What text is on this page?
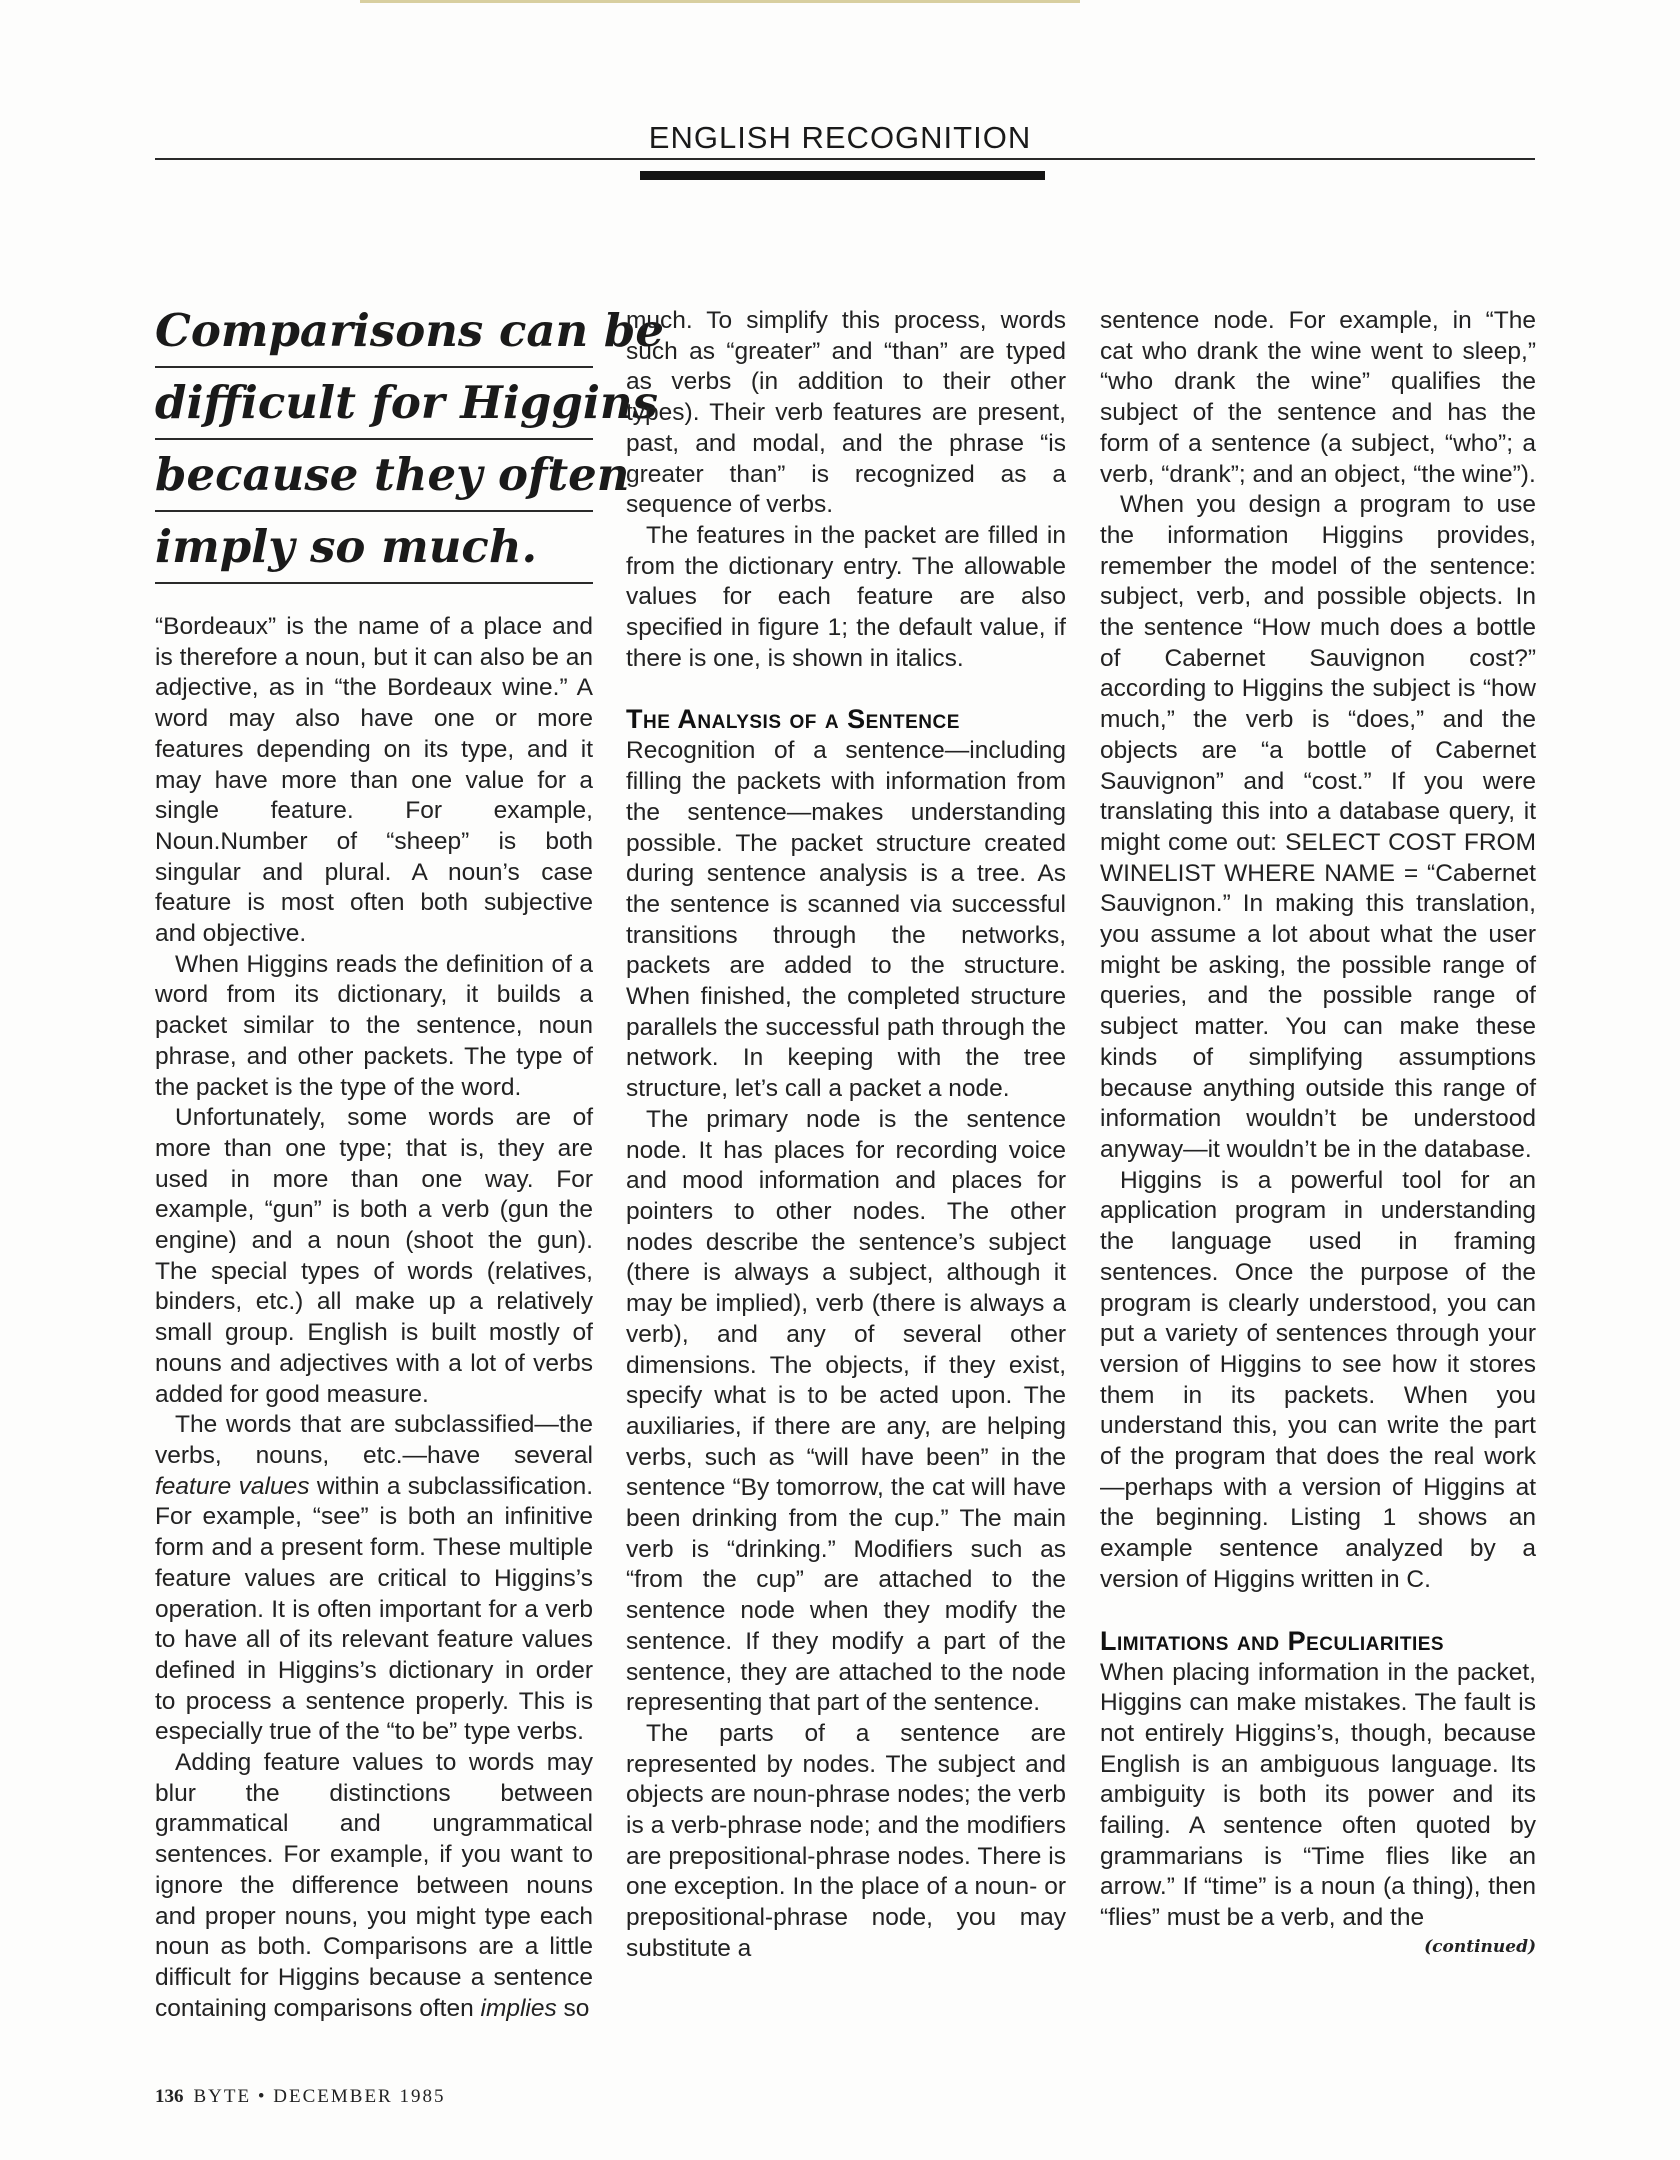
ENGLISH RECOGNITION
Comparisons can be
difficult for Higgins
because they often
imply so much.

“Bordeaux” is the name of a place and is therefore a noun, but it can also be an adjective, as in “the Bordeaux wine.” A word may also have one or more features depending on its type, and it may have more than one value for a single feature. For example, Noun.Number of “sheep” is both singular and plural. A noun’s case feature is most often both subjective and objective.

When Higgins reads the definition of a word from its dictionary, it builds a packet similar to the sentence, noun phrase, and other packets. The type of the packet is the type of the word.

Unfortunately, some words are of more than one type; that is, they are used in more than one way. For example, “gun” is both a verb (gun the engine) and a noun (shoot the gun). The special types of words (relatives, binders, etc.) all make up a relatively small group. English is built mostly of nouns and adjectives with a lot of verbs added for good measure.

The words that are subclassified—the verbs, nouns, etc.—have several feature values within a subclassification. For example, “see” is both an infinitive form and a present form. These multiple feature values are critical to Higgins’s operation. It is often important for a verb to have all of its relevant feature values defined in Higgins’s dictionary in order to process a sentence properly. This is especially true of the “to be” type verbs.

Adding feature values to words may blur the distinctions between grammatical and ungrammatical sentences. For example, if you want to ignore the difference between nouns and proper nouns, you might type each noun as both. Comparisons are a little difficult for Higgins because a sentence containing comparisons often implies so

much. To simplify this process, words such as “greater” and “than” are typed as verbs (in addition to their other types). Their verb features are present, past, and modal, and the phrase “is greater than” is recognized as a sequence of verbs.

The features in the packet are filled in from the dictionary entry. The allowable values for each feature are also specified in figure 1; the default value, if there is one, is shown in italics.

The Analysis of a Sentence

Recognition of a sentence—including filling the packets with information from the sentence—makes understanding possible. The packet structure created during sentence analysis is a tree. As the sentence is scanned via successful transitions through the networks, packets are added to the structure. When finished, the completed structure parallels the successful path through the network. In keeping with the tree structure, let’s call a packet a node.

The primary node is the sentence node. It has places for recording voice and mood information and places for pointers to other nodes. The other nodes describe the sentence’s subject (there is always a subject, although it may be implied), verb (there is always a verb), and any of several other dimensions. The objects, if they exist, specify what is to be acted upon. The auxiliaries, if there are any, are helping verbs, such as “will have been” in the sentence “By tomorrow, the cat will have been drinking from the cup.” The main verb is “drinking.” Modifiers such as “from the cup” are attached to the sentence node when they modify the sentence. If they modify a part of the sentence, they are attached to the node representing that part of the sentence.

The parts of a sentence are represented by nodes. The subject and objects are noun-phrase nodes; the verb is a verb-phrase node; and the modifiers are prepositional-phrase nodes. There is one exception. In the place of a noun- or prepositional-phrase node, you may substitute a

sentence node. For example, in “The cat who drank the wine went to sleep,” “who drank the wine” qualifies the subject of the sentence and has the form of a sentence (a subject, “who”; a verb, “drank”; and an object, “the wine”).

When you design a program to use the information Higgins provides, remember the model of the sentence: subject, verb, and possible objects. In the sentence “How much does a bottle of Cabernet Sauvignon cost?” according to Higgins the subject is “how much,” the verb is “does,” and the objects are “a bottle of Cabernet Sauvignon” and “cost.” If you were translating this into a database query, it might come out: SELECT COST FROM WINELIST WHERE NAME = “Cabernet Sauvignon.” In making this translation, you assume a lot about what the user might be asking, the possible range of queries, and the possible range of subject matter. You can make these kinds of simplifying assumptions because anything outside this range of information wouldn’t be understood anyway—it wouldn’t be in the database.

Higgins is a powerful tool for an application program in understanding the language used in framing sentences. Once the purpose of the program is clearly understood, you can put a variety of sentences through your version of Higgins to see how it stores them in its packets. When you understand this, you can write the part of the program that does the real work—perhaps with a version of Higgins at the beginning. Listing 1 shows an example sentence analyzed by a version of Higgins written in C.

Limitations and Peculiarities

When placing information in the packet, Higgins can make mistakes. The fault is not entirely Higgins’s, though, because English is an ambiguous language. Its ambiguity is both its power and its failing. A sentence often quoted by grammarians is “Time flies like an arrow.” If “time” is a noun (a thing), then “flies” must be a verb, and the

(continued)
136 BYTE • DECEMBER 1985
